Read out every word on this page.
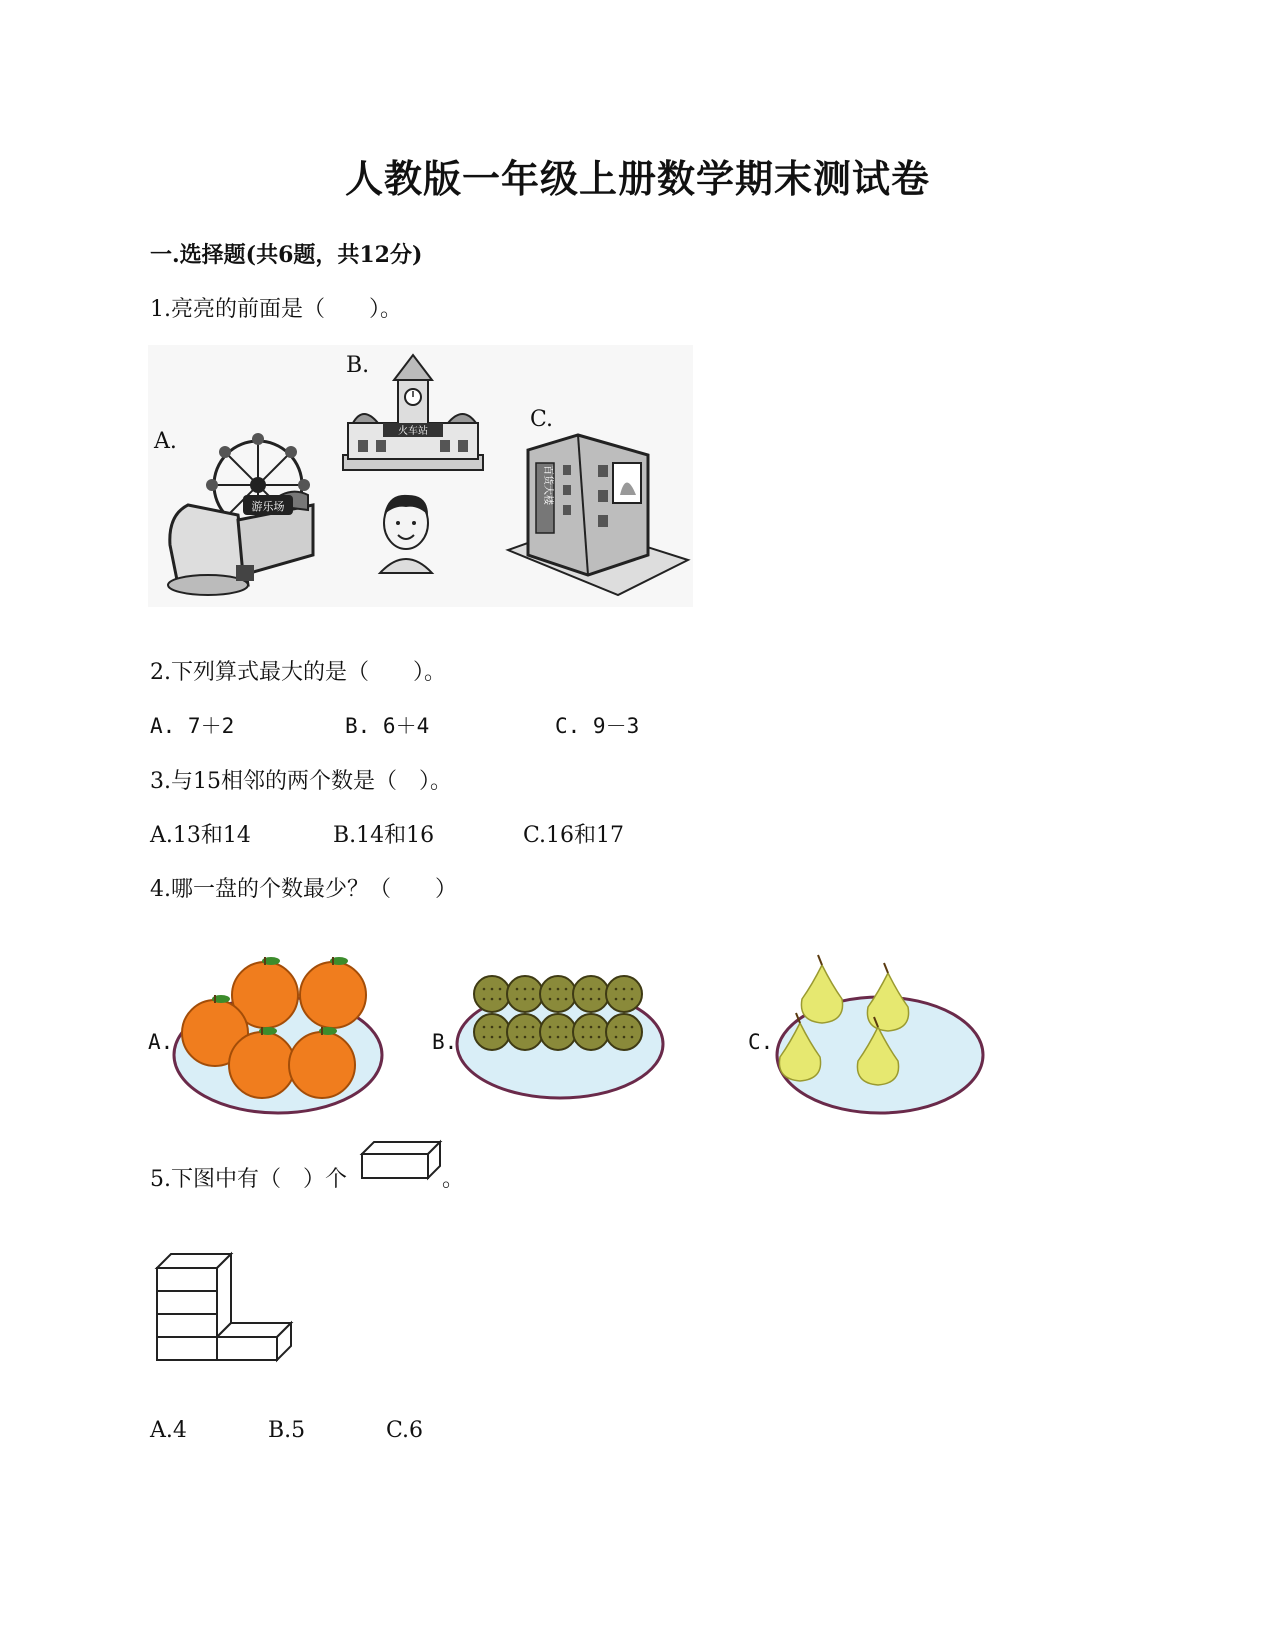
人教版一年级上册数学期末测试卷
一.选择题(共6题，共12分)
1.亮亮的前面是（　　）。
A.
B.
C.
游乐场
火车站
百货大楼
2.下列算式最大的是（　　）。
A. 7＋2	B. 6＋4	C. 9－3
3.与15相邻的两个数是（　）。
A.13和14	B.14和16	C.16和17
4.哪一盘的个数最少？（　　）
A.	B.	C.
5.下图中有（　）个	。
A.4	B.5	C.6
